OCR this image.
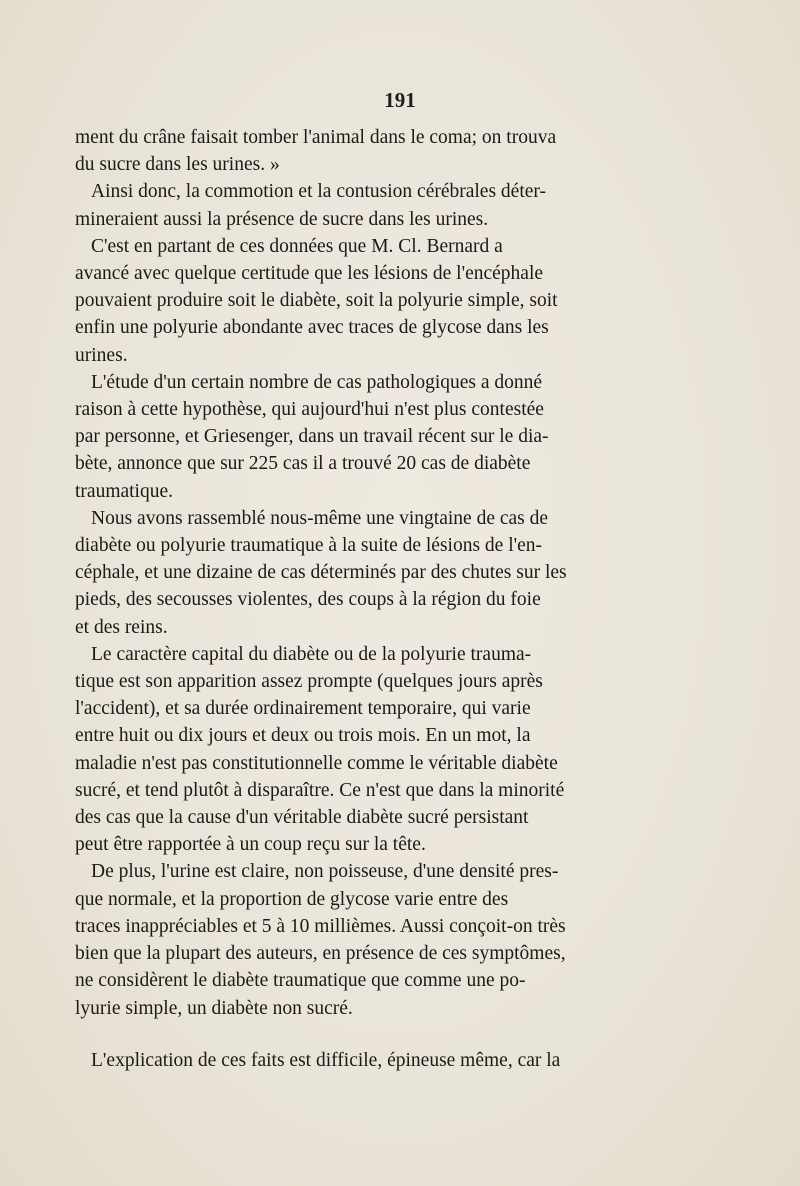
191

ment du crâne faisait tomber l'animal dans le coma; on trouva
du sucre dans les urines. »

Ainsi donc, la commotion et la contusion cérébrales déter-
mineraient aussi la présence de sucre dans les urines.

C'est en partant de ces données que M. Cl. Bernard a
avancé avec quelque certitude que les lésions de l'encéphale
pouvaient produire soit le diabète, soit la polyurie simple, soit
enfin une polyurie abondante avec traces de glycose dans les
urines.

L'étude d'un certain nombre de cas pathologiques a donné
raison à cette hypothèse, qui aujourd'hui n'est plus contestée
par personne, et Griesenger, dans un travail récent sur le dia-
bète, annonce que sur 225 cas il a trouvé 20 cas de diabète
traumatique.

Nous avons rassemblé nous-même une vingtaine de cas de
diabète ou polyurie traumatique à la suite de lésions de l'en-
céphale, et une dizaine de cas déterminés par des chutes sur les
pieds, des secousses violentes, des coups à la région du foie
et des reins.

Le caractère capital du diabète ou de la polyurie trauma-
tique est son apparition assez prompte (quelques jours après
l'accident), et sa durée ordinairement temporaire, qui varie
entre huit ou dix jours et deux ou trois mois. En un mot, la
maladie n'est pas constitutionnelle comme le véritable diabète
sucré, et tend plutôt à disparaître. Ce n'est que dans la minorité
des cas que la cause d'un véritable diabète sucré persistant
peut être rapportée à un coup reçu sur la tête.

De plus, l'urine est claire, non poisseuse, d'une densité pres-
que normale, et la proportion de glycose varie entre des
traces inappréciables et 5 à 10 millièmes. Aussi conçoit-on très
bien que la plupart des auteurs, en présence de ces symptômes,
ne considèrent le diabète traumatique que comme une po-
lyurie simple, un diabète non sucré.

L'explication de ces faits est difficile, épineuse même, car la
